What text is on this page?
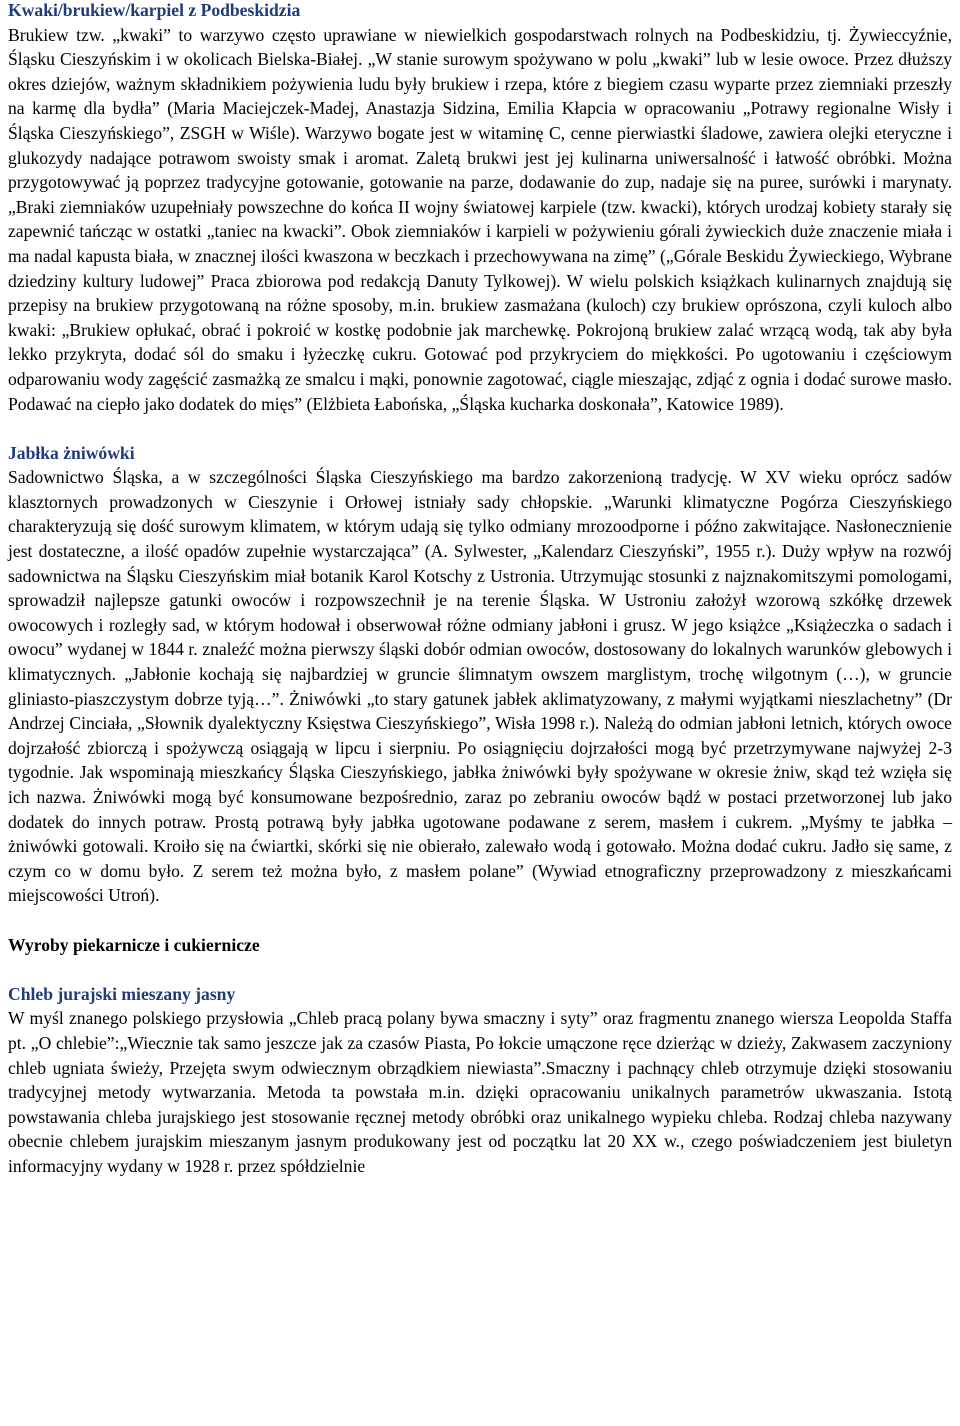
Kwaki/brukiew/karpiel z Podbeskidzia

Brukiew tzw. „kwaki” to warzywo często uprawiane w niewielkich gospodarstwach rolnych na Podbeskidziu, tj. Żywieccyźnie, Śląsku Cieszyńskim i w okolicach Bielska-Białej. „W stanie surowym spożywano w polu „kwaki” lub w lesie owoce. Przez dłuższy okres dziejów, ważnym składnikiem pożywienia ludu były brukiew i rzepa, które z biegiem czasu wyparte przez ziemniaki przeszły na karmę dla bydła” (Maria Maciejczek-Madej, Anastazja Sidzina, Emilia Kłapcia w opracowaniu „Potrawy regionalne Wisły i Śląska Cieszyńskiego”, ZSGH w Wiśle). Warzywo bogate jest w witaminę C, cenne pierwiastki śladowe, zawiera olejki eteryczne i glukozydy nadające potrawom swoisty smak i aromat. Zaletą brukwi jest jej kulinarna uniwersalność i łatwość obróbki. Można przygotowywać ją poprzez tradycyjne gotowanie, gotowanie na parze, dodawanie do zup, nadaje się na puree, surówki i marynaty. „Braki ziemniaków uzupełniały powszechne do końca II wojny światowej karpiele (tzw. kwacki), których urodzaj kobiety starały się zapewnić tańcząc w ostatki „taniec na kwacki”. Obok ziemniaków i karpieli w pożywieniu górali żywieckich duże znaczenie miała i ma nadal kapusta biała, w znacznej ilości kwaszona w beczkach i przechowywana na zimę” („Górale Beskidu Żywieckiego, Wybrane dziedziny kultury ludowej” Praca zbiorowa pod redakcją Danuty Tylkowej). W wielu polskich książkach kulinarnych znajdują się przepisy na brukiew przygotowaną na różne sposoby, m.in. brukiew zasmażana (kuloch) czy brukiew oprószona, czyli kuloch albo kwaki: „Brukiew opłukać, obrać i pokroić w kostkę podobnie jak marchewkę. Pokrojoną brukiew zalać wrzącą wodą, tak aby była lekko przykryta, dodać sól do smaku i łyżeczkę cukru. Gotować pod przykryciem do miękkości. Po ugotowaniu i częściowym odparowaniu wody zagęścić zasmażką ze smalcu i mąki, ponownie zagotować, ciągle mieszając, zdjąć z ognia i dodać surowe masło. Podawać na ciepło jako dodatek do mięs” (Elżbieta Łabońska, „Śląska kucharka doskonała”, Katowice 1989).

Jabłka żniwówki

Sadownictwo Śląska, a w szczególności Śląska Cieszyńskiego ma bardzo zakorzenioną tradycję. W XV wieku oprócz sadów klasztornych prowadzonych w Cieszynie i Orłowej istniały sady chłopskie. „Warunki klimatyczne Pogórza Cieszyńskiego charakteryzują się dość surowym klimatem, w którym udają się tylko odmiany mrozoodporne i późno zakwitające. Nasłonecznienie jest dostateczne, a ilość opadów zupełnie wystarczająca” (A. Sylwester, „Kalendarz Cieszyński”, 1955 r.). Duży wpływ na rozwój sadownictwa na Śląsku Cieszyńskim miał botanik Karol Kotschy z Ustronia. Utrzymując stosunki z najznakomitszymi pomologami, sprowadził najlepsze gatunki owoców i rozpowszechnił je na terenie Śląska. W Ustroniu założył wzorową szkółkę drzewek owocowych i rozległy sad, w którym hodował i obserwował różne odmiany jabłoni i grusz. W jego książce „Książeczka o sadach i owocu” wydanej w 1844 r. znaleźć można pierwszy śląski dobór odmian owoców, dostosowany do lokalnych warunków glebowych i klimatycznych. „Jabłonie kochają się najbardziej w gruncie ślimnatym owszem marglistym, trochę wilgotnym (…), w gruncie gliniasto-piaszczystym dobrze tyją…”. Żniwówki „to stary gatunek jabłek aklimatyzowany, z małymi wyjątkami nieszlachetny” (Dr Andrzej Cinciała, „Słownik dyalektyczny Księstwa Cieszyńskiego”, Wisła 1998 r.). Należą do odmian jabłoni letnich, których owoce dojrzałość zbiorczą i spożywczą osiągają w lipcu i sierpniu. Po osiągnięciu dojrzałości mogą być przetrzymywane najwyżej 2-3 tygodnie. Jak wspominają mieszkańcy Śląska Cieszyńskiego, jabłka żniwówki były spożywane w okresie żniw, skąd też wzięła się ich nazwa. Żniwówki mogą być konsumowane bezpośrednio, zaraz po zebraniu owoców bądź w postaci przetworzonej lub jako dodatek do innych potraw. Prostą potrawą były jabłka ugotowane podawane z serem, masłem i cukrem. „Myśmy te jabłka – żniwówki gotowali. Kroiło się na ćwiartki, skórki się nie obierało, zalewało wodą i gotowało. Można dodać cukru. Jadło się same, z czym co w domu było. Z serem też można było, z masłem polane” (Wywiad etnograficzny przeprowadzony z mieszkańcami miejscowości Utroń).

Wyroby piekarnicze i cukiernicze
Chleb jurajski mieszany jasny

W myśl znanego polskiego przysłowia „Chleb pracą polany bywa smaczny i syty” oraz fragmentu znanego wiersza Leopolda Staffa pt. „O chlebie”:„Wiecznie tak samo jeszcze jak za czasów Piasta, Po łokcie umączone ręce dzierżąc w dzieży, Zakwasem zaczyniony chleb ugniata świeży, Przejęta swym odwiecznym obrządkiem niewiasta”.Smaczny i pachnący chleb otrzymuje dzięki stosowaniu tradycyjnej metody wytwarzania. Metoda ta powstała m.in. dzięki opracowaniu unikalnych parametrów ukwaszania. Istotą powstawania chleba jurajskiego jest stosowanie ręcznej metody obróbki oraz unikalnego wypieku chleba. Rodzaj chleba nazywany obecnie chlebem jurajskim mieszanym jasnym produkowany jest od początku lat 20 XX w., czego poświadczeniem jest biuletyn informacyjny wydany w 1928 r. przez spółdzielnie
